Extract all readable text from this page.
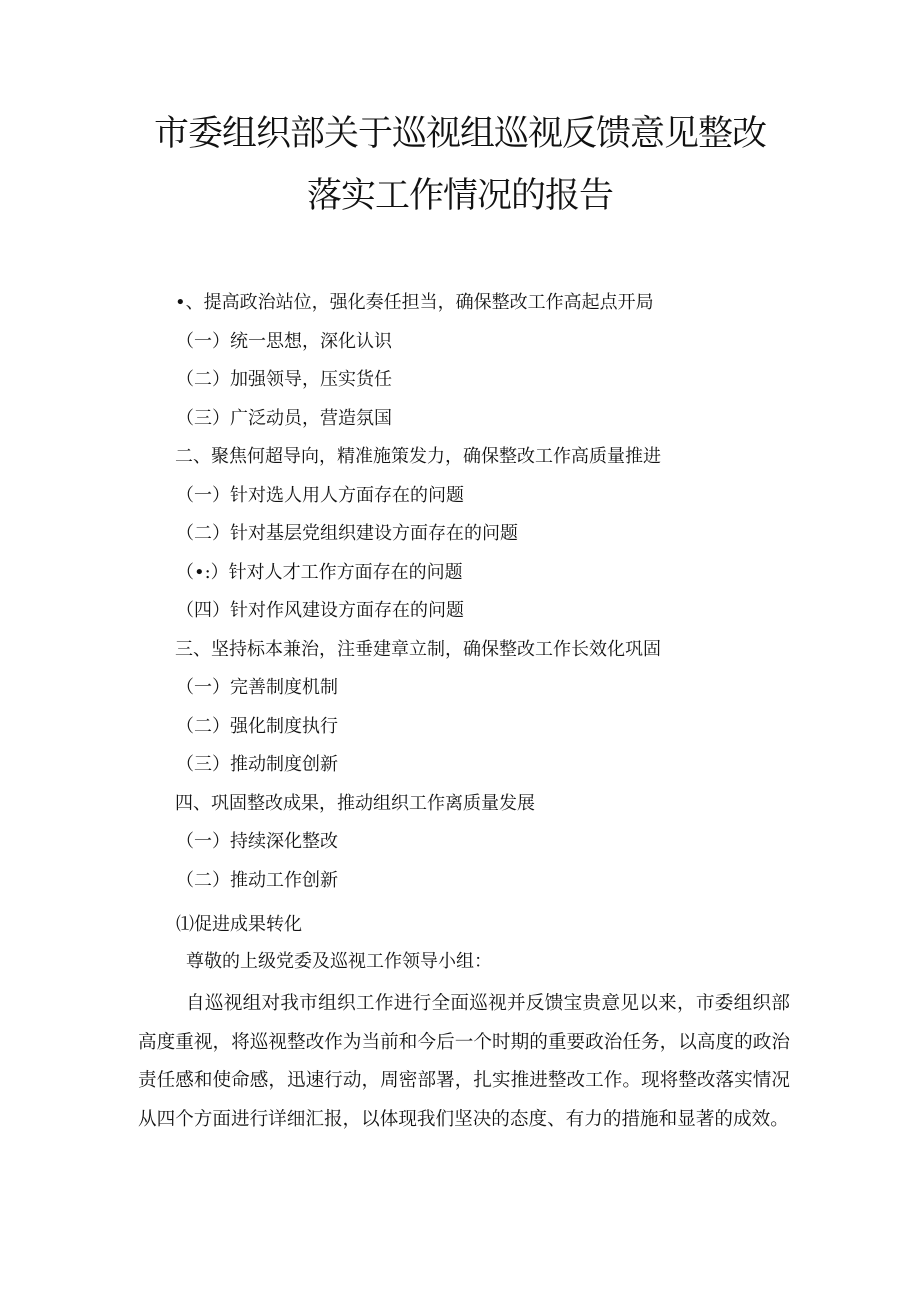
市委组织部关于巡视组巡视反馈意见整改
落实工作情况的报告
•、提高政治站位，强化奏任担当，确保整改工作高起点开局
（一）统一思想，深化认识
（二）加强领导，压实货任
（三）广泛动员，营造氛国
二、聚焦何超导向，精准施策发力，确保整改工作高质量推进
（一）针对选人用人方面存在的问题
（二）针对基层党组织建设方面存在的问题
（•:）针对人才工作方面存在的问题
（四）针对作风建设方面存在的问题
三、坚持标本兼治，注垂建章立制，确保整改工作长效化巩固
（一）完善制度机制
（二）强化制度执行
（三）推动制度创新
四、巩固整改成果，推动组织工作离质量发展
（一）持续深化整改
（二）推动工作创新
⑴促进成果转化
尊敬的上级党委及巡视工作领导小组：

自巡视组对我市组织工作进行全面巡视并反馈宝贵意见以来，市委组织部高度重视，将巡视整改作为当前和今后一个时期的重要政治任务，以高度的政治责任感和使命感，迅速行动，周密部署，扎实推进整改工作。现将整改落实情况从四个方面进行详细汇报，以体现我们坚决的态度、有力的措施和显著的成效。
